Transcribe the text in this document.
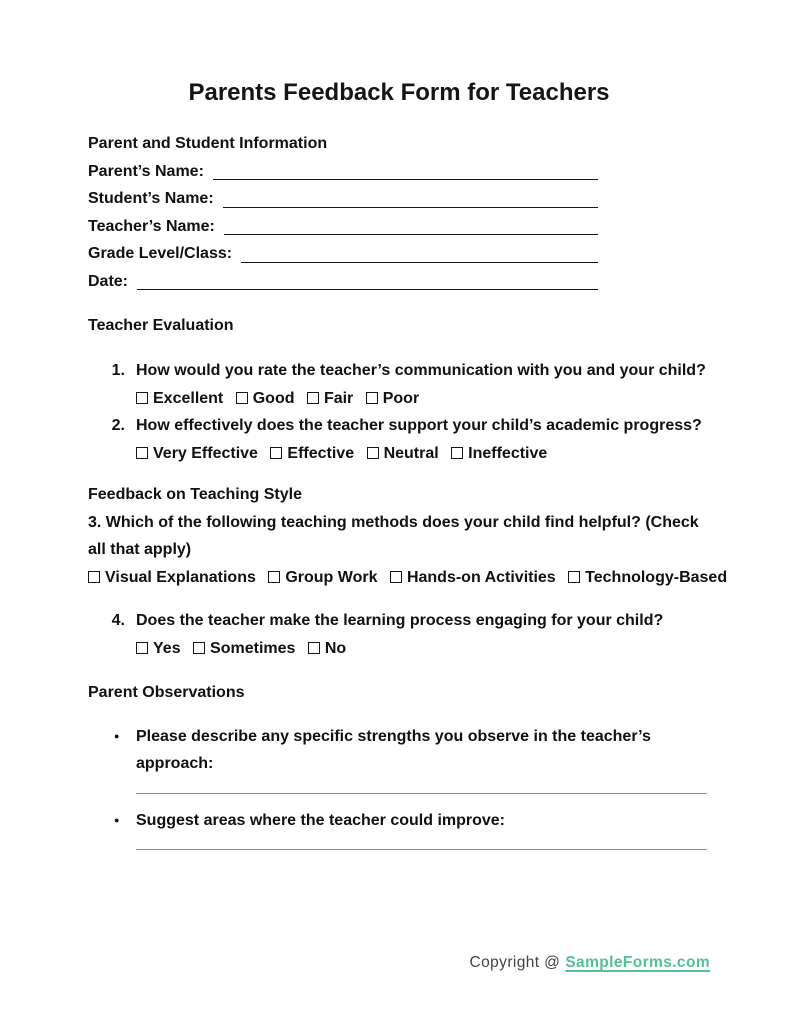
Parents Feedback Form for Teachers
Parent and Student Information
Parent’s Name:
Student’s Name:
Teacher’s Name:
Grade Level/Class:
Date:
Teacher Evaluation
1. How would you rate the teacher’s communication with you and your child?
Excellent Good Fair Poor
2. How effectively does the teacher support your child’s academic progress?
Very Effective Effective Neutral Ineffective
Feedback on Teaching Style
3. Which of the following teaching methods does your child find helpful? (Check
all that apply)
Visual Explanations Group Work Hands-on Activities Technology-Based
4. Does the teacher make the learning process engaging for your child?
Yes Sometimes No
Parent Observations
●	Please describe any specific strengths you observe in the teacher’s
approach:
●	Suggest areas where the teacher could improve:
Copyright @ SampleForms.com
